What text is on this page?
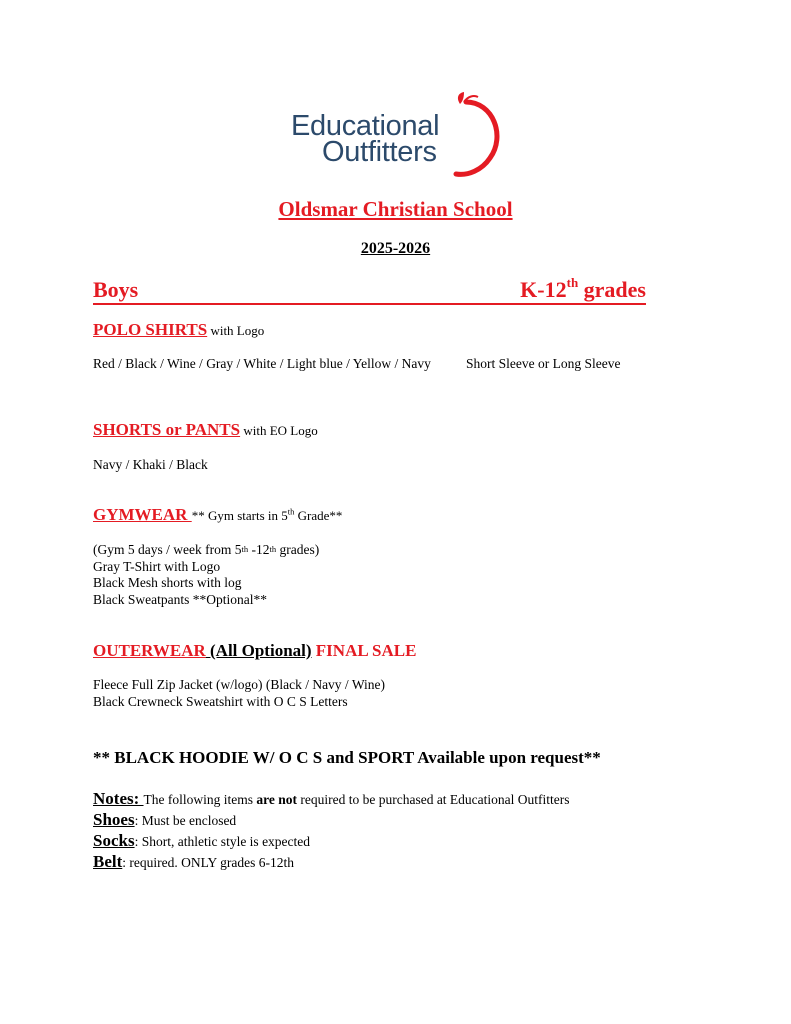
Educational
Outfitters
Oldsmar Christian School
2025-2026
Boys	K-12th grades
POLO SHIRTS with Logo
Red / Black / Wine / Gray / White / Light blue / Yellow / Navy	Short Sleeve or Long Sleeve
SHORTS or PANTS with EO Logo
Navy / Khaki / Black
GYMWEAR ** Gym starts in 5th Grade**
(Gym 5 days / week from 5th -12th grades)
Gray T-Shirt with Logo
Black Mesh shorts with log
Black Sweatpants **Optional**
OUTERWEAR (All Optional) FINAL SALE
Fleece Full Zip Jacket (w/logo) (Black / Navy / Wine)
Black Crewneck Sweatshirt with O C S Letters
** BLACK HOODIE W/ O C S and SPORT Available upon request**
Notes: The following items are not required to be purchased at Educational Outfitters
Shoes: Must be enclosed
Socks: Short, athletic style is expected
Belt: required. ONLY grades 6-12th
